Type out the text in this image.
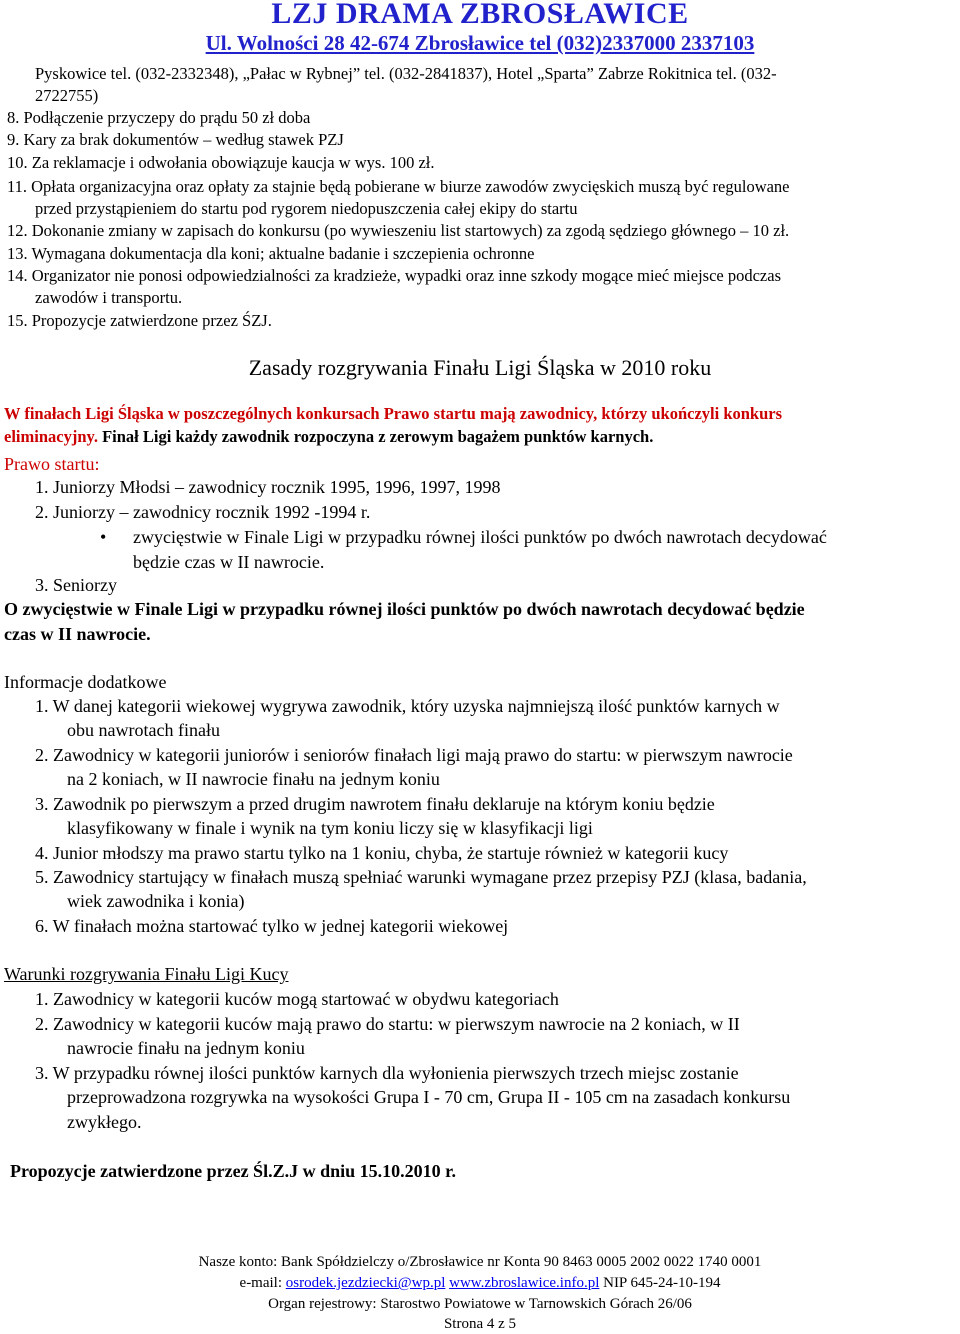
LZJ DRAMA ZBROSŁAWICE
Ul. Wolności 28 42-674 Zbrosławice tel (032)2337000 2337103
Pyskowice tel. (032-2332348), „Pałac w Rybnej” tel. (032-2841837), Hotel „Sparta” Zabrze Rokitnica tel. (032-
2722755)
8. Podłączenie przyczepy do prądu 50 zł doba
9. Kary za brak dokumentów – według stawek PZJ
10. Za reklamacje i odwołania obowiązuje kaucja w wys. 100 zł.
11. Opłata organizacyjna oraz opłaty za stajnie będą pobierane w biurze zawodów zwycięskich muszą być regulowane
przed przystąpieniem do startu pod rygorem niedopuszczenia całej ekipy do startu
12. Dokonanie zmiany w zapisach do konkursu (po wywieszeniu list startowych) za zgodą sędziego głównego – 10 zł.
13. Wymagana dokumentacja dla koni; aktualne badanie i szczepienia ochronne
14. Organizator nie ponosi odpowiedzialności za kradzieże, wypadki oraz inne szkody mogące mieć miejsce podczas
zawodów i transportu.
15. Propozycje zatwierdzone przez ŚZJ.
Zasady rozgrywania Finału Ligi Śląska w 2010 roku
W finałach Ligi Śląska w poszczególnych konkursach Prawo startu mają zawodnicy, którzy ukończyli konkurs
eliminacyjny. Finał Ligi każdy zawodnik rozpoczyna z zerowym bagażem punktów karnych.
Prawo startu:
1. Juniorzy Młodsi – zawodnicy rocznik 1995, 1996, 1997, 1998
2. Juniorzy – zawodnicy rocznik 1992 -1994 r.
• zwycięstwie w Finale Ligi w przypadku równej ilości punktów po dwóch nawrotach decydować
będzie czas w II nawrocie.
3. Seniorzy
O zwycięstwie w Finale Ligi w przypadku równej ilości punktów po dwóch nawrotach decydować będzie
czas w II nawrocie.
Informacje dodatkowe
1. W danej kategorii wiekowej wygrywa zawodnik, który uzyska najmniejszą ilość punktów karnych w
obu nawrotach finału
2. Zawodnicy w kategorii juniorów i seniorów finałach ligi mają prawo do startu: w pierwszym nawrocie
na 2 koniach, w II nawrocie finału na jednym koniu
3. Zawodnik po pierwszym a przed drugim nawrotem finału deklaruje na którym koniu będzie
klasyfikowany w finale i wynik na tym koniu liczy się w klasyfikacji ligi
4. Junior młodszy ma prawo startu tylko na 1 koniu, chyba, że startuje również w kategorii kucy
5. Zawodnicy startujący w finałach muszą spełniać warunki wymagane przez przepisy PZJ (klasa, badania,
wiek zawodnika i konia)
6. W finałach można startować tylko w jednej kategorii wiekowej
Warunki rozgrywania Finału Ligi Kucy
1. Zawodnicy w kategorii kuców mogą startować w obydwu kategoriach
2. Zawodnicy w kategorii kuców mają prawo do startu: w pierwszym nawrocie na 2 koniach, w II
nawrocie finału na jednym koniu
3. W przypadku równej ilości punktów karnych dla wyłonienia pierwszych trzech miejsc zostanie
przeprowadzona rozgrywka na wysokości Grupa I - 70 cm, Grupa II - 105 cm na zasadach konkursu
zwykłego.
Propozycje zatwierdzone przez Śl.Z.J w dniu 15.10.2010 r.
Nasze konto: Bank Spółdzielczy o/Zbrosławice nr Konta 90 8463 0005 2002 0022 1740 0001
e-mail: osrodek.jezdziecki@wp.pl www.zbroslawice.info.pl NIP 645-24-10-194
Organ rejestrowy: Starostwo Powiatowe w Tarnowskich Górach 26/06
Strona 4 z 5
